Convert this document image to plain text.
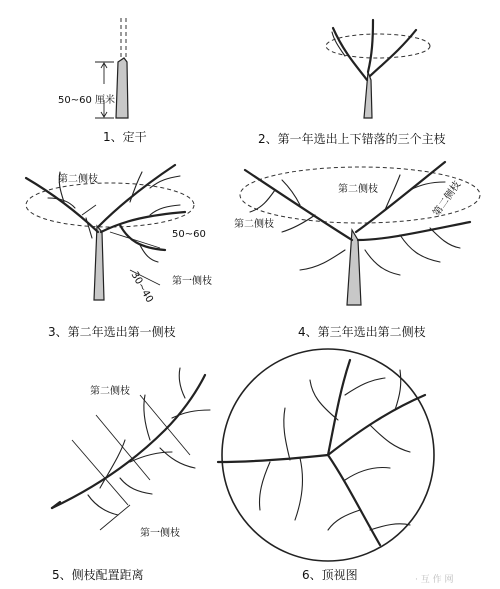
50~60 厘米
1、定干	2、第一年选出上下错落的三个主枝
第二侧枝
50~60
第一侧枝
30~40
3、第二年选出第一侧枝
第二侧枝
第二侧枝
第二侧枝
4、第三年选出第二侧枝
第二侧枝
第一侧枝
5、侧枝配置距离	6、顶视图	· 互 作 网
